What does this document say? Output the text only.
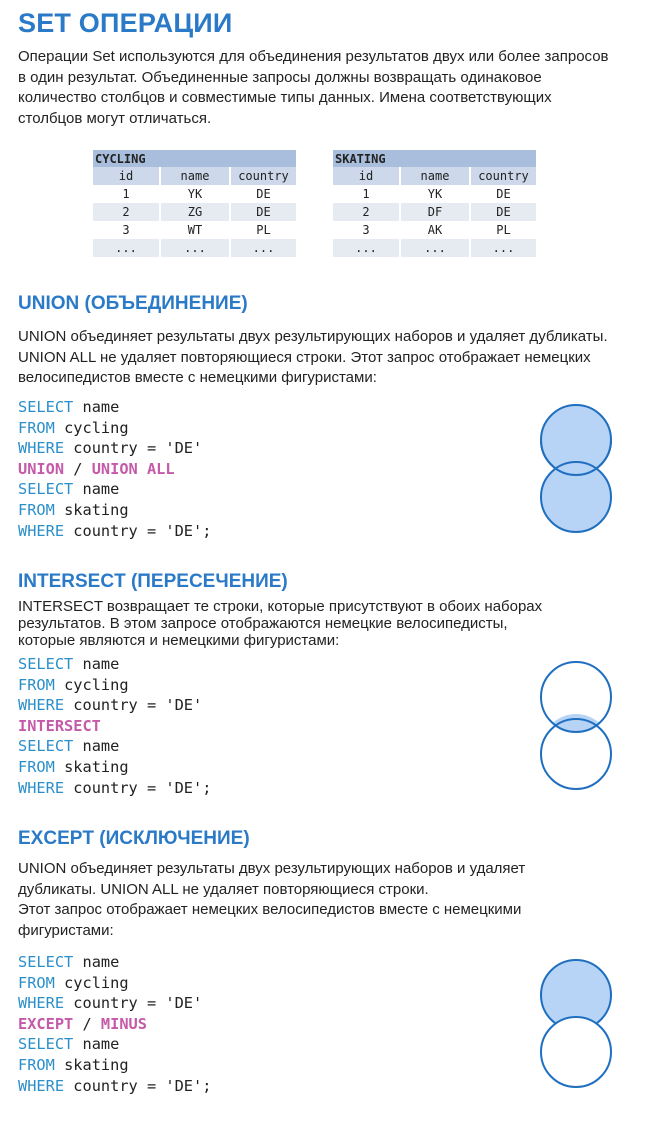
SET ОПЕРАЦИИ
Операции Set используются для объединения результатов двух или более запросов в один результат. Объединенные запросы должны возвращать одинаковое количество столбцов и совместимые типы данных. Имена соответствующих столбцов могут отличаться.
CYCLING		
id	name	country
1	YK	DE
2	ZG	DE
3	WT	PL
...	...	...
SKATING		
id	name	country
1	YK	DE
2	DF	DE
3	AK	PL
...	...	...
UNION (ОБЪЕДИНЕНИЕ)
UNION объединяет результаты двух результирующих наборов и удаляет дубликаты. UNION ALL не удаляет повторяющиеся строки. Этот запрос отображает немецких велосипедистов вместе с немецкими фигуристами:
SELECT name
FROM cycling
WHERE country = 'DE'
UNION / UNION ALL
SELECT name
FROM skating
WHERE country = 'DE';
INTERSECT (ПЕРЕСЕЧЕНИЕ)

INTERSECT возвращает те строки, которые присутствуют в обоих наборах

результатов. В этом запросе отображаются немецкие велосипедисты,

которые являются и немецкими фигуристами:

SELECT name
FROM cycling
WHERE country = 'DE'
INTERSECT
SELECT name
FROM skating
WHERE country = 'DE';
EXCEPT (ИСКЛЮЧЕНИЕ)

UNION объединяет результаты двух результирующих наборов и удаляет

дубликаты. UNION ALL не удаляет повторяющиеся строки.

Этот запрос отображает немецких велосипедистов вместе с немецкими

фигуристами:

SELECT name
FROM cycling
WHERE country = 'DE'
EXCEPT / MINUS
SELECT name
FROM skating
WHERE country = 'DE';
